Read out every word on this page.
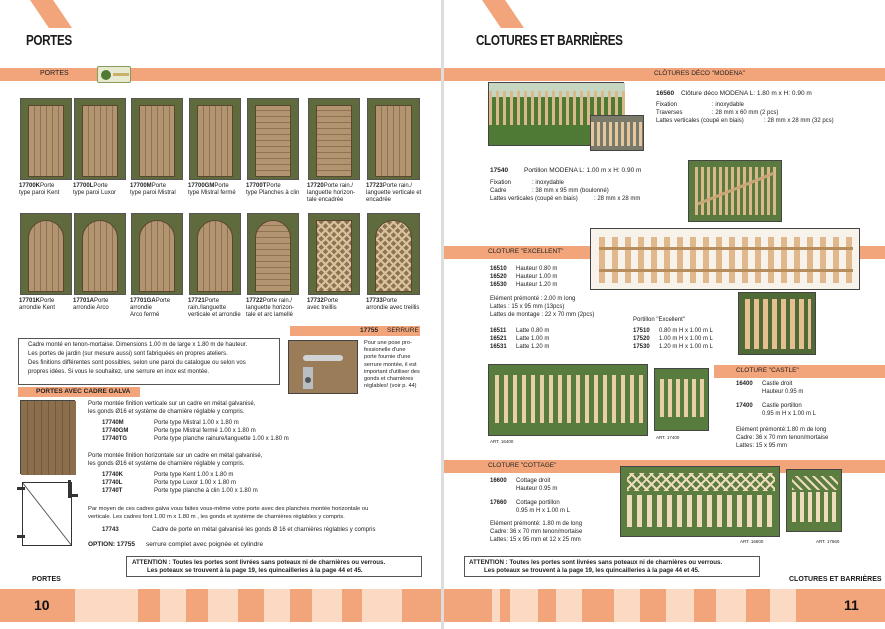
PORTES
PORTES
17700KPorte
type paroi Kent
17700LPorte
type paroi Luxor
17700MPorte
type paroi Mistral
17700GMPorte
type Mistral fermé
17700TPorte
type Planches à clin
17720Porte rain./
languette horizon-
tale encadrée
17723Porte rain./
languette verticale et
encadrée
17701KPorte
arrondie Kent
17701APorte
arrondie Arco
17701GAPorte
arrondie
Arco fermé
17721Porte
rain./languette
verticale et arrondie
17722Porte rain./
languette horizon-
tale et arc lamellé
17732Porte
avec treillis
17733Porte
arrondie avec treillis
Cadre monté en tenon-mortaise. Dimensions 1.00 m de large x 1.80 m de hauteur.
Les portes de jardin (sur mesure aussi) sont fabriquées en propres ateliers.
Des finitions différentes sont possibles, selon une paroi du catalogue ou selon vos
propres idées. Si vous le souhaitez, une serrure en inox est montée.
17755 SERRURE
Pour une pose pro-
fessionelle d'une
porte fournie d'une
serrure montée, il est
important d'utiliser des
gonds et charnières
réglables! (voir p. 44)
PORTES AVEC CADRE GALVA
Porte montée finition verticale sur un cadre en métal galvanisé,
les gonds Ø16 et système de charnière réglable y compris.
17740M	Porte type Mistral 1.00 x 1.80 m
17740GM	Porte type Mistral fermé 1.00 x 1.80 m
17740TG	Porte type planche rainure/languette 1.00 x 1.80 m
Porte montée finition horizontale sur un cadre en métal galvanisé,
les gonds Ø16 et système de charnière réglable y compris.
17740K	Porte type Kent 1.00 x 1.80 m
17740L	Porte type Luxor 1.00 x 1.80 m
17740T	Porte type planche à clin 1.00 x 1.80 m
Par moyen de ces cadres galva vous faites vous-même votre porte avec des planches montée horizontale ou
verticale. Les cadres font 1.00 m x 1.80 m , les gonds et système de charnières réglables y compris.
17743	Cadre de porte en métal galvanisé les gonds Ø 16 et charnières réglables y compris
OPTION: 17755 serrure complet avec poignée et cylindre
ATTENTION : Toutes les portes sont livrées sans poteaux ni de charnières ou verrous.
Les poteaux se trouvent à la page 19, les quincailleries à la page 44 et 45.
PORTES
10
CLOTURES ET BARRIÈRES
CLÔTURES DÉCO "MODENA"
16560 Clôture déco MODENA L: 1.80 m x H: 0.90 m
Fixation	: inoxydable
Traverses	: 28 mm x 60 mm (2 pcs)
Lattes verticales (coupé en biais)	: 28 mm x 28 mm (32 pcs)
17540 Portillon MODENA L: 1.00 m x H: 0.90 m
Fixation	: inoxydable
Cadre	: 38 mm x 95 mm (boulonné)
Lattes verticales (coupé en biais)	: 28 mm x 28 mm
CLOTURE "EXCELLENT"
16510 Hauteur 0.80 m
16520 Hauteur 1.00 m
16530 Hauteur 1.20 m
Elément prémonté : 2.00 m long
Lattes : 15 x 95 mm (13pcs)
Lattes de montage : 22 x 70 mm (2pcs)
16511 Latte 0.80 m
16521 Latte 1.00 m
16531 Latte 1.20 m
Portillon "Excellent"
17510 0.80 m H x 1.00 m L
17520 1.00 m H x 1.00 m L
17530 1.20 m H x 1.00 m L
CLOTURE "CASTLE"
ART. 16400
ART. 17400
16400 Castle droit
Hauteur 0.95 m
17400 Castle portillon
0.95 m H x 1.00 m L
Elément prémonté:1.80 m de long
Cadre: 36 x 70 mm tenon/mortaise
Lattes: 15 x 95 mm
CLOTURE "COTTAGE"
ART. 16600	ART. 17660
16600 Cottage droit
Hauteur 0.95 m
17660 Cottage portillon
0.95 m H x 1.00 m L
Elément prémonté: 1.80 m de long
Cadre: 36 x 70 mm tenon/mortaise
Lattes: 15 x 95 mm et 12 x 25 mm
ATTENTION : Toutes les portes sont livrées sans poteaux ni de charnières ou verrous.
Les poteaux se trouvent à la page 19, les quincailleries à la page 44 et 45.
CLOTURES ET BARRIÈRES
11
